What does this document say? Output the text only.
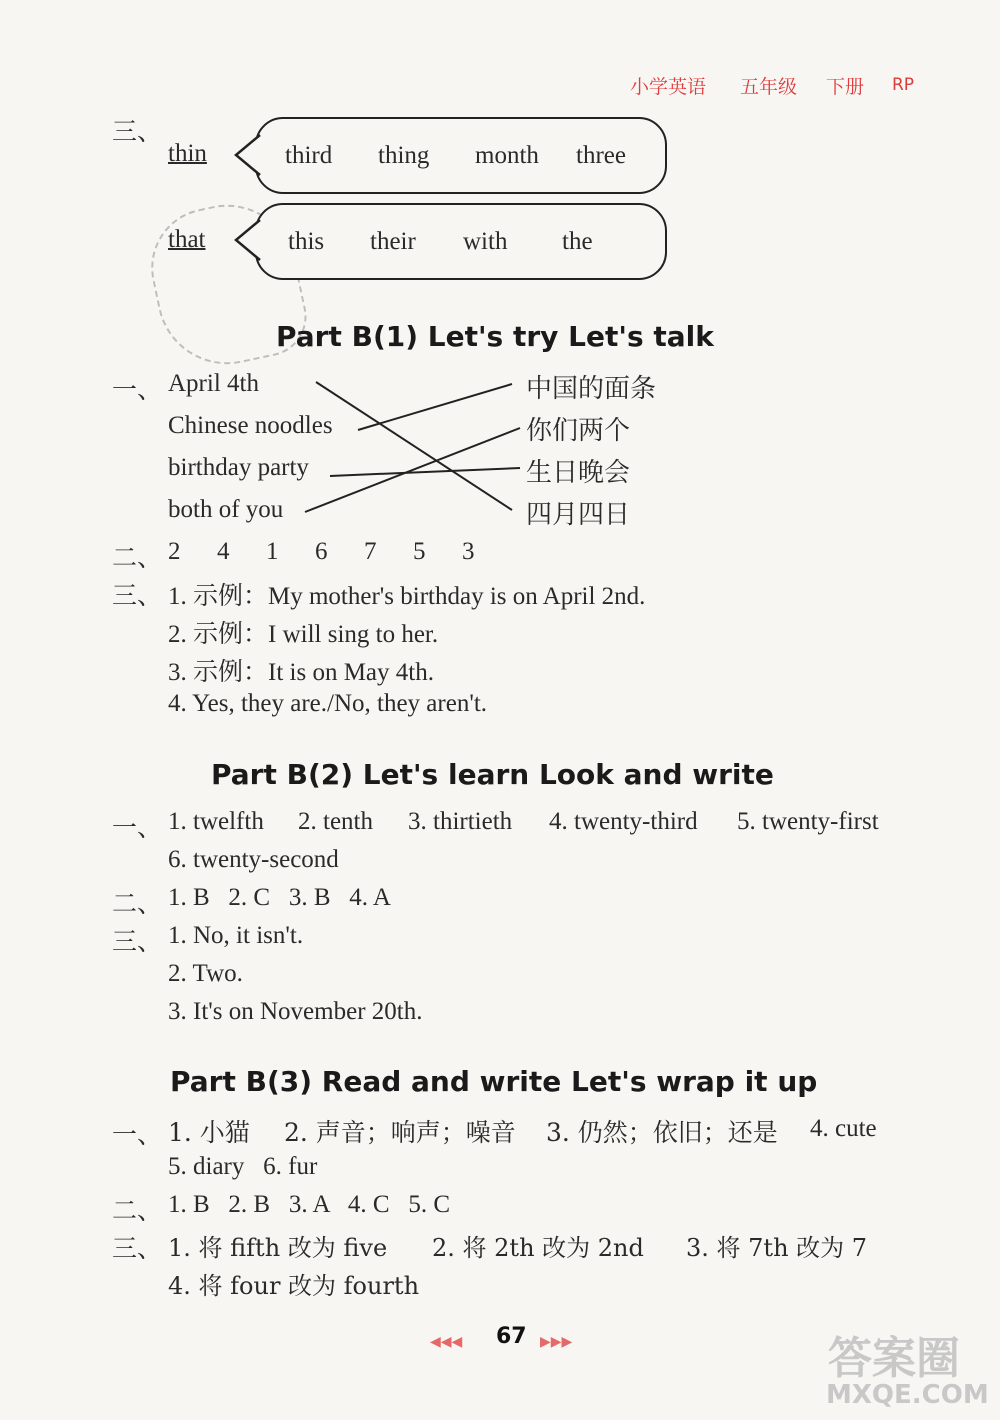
小学英语 五年级 下册 RP
三、
thin	third thing month three
that	this their with the
Part B(1) Let's try Let's talk
一、 April 4th
Chinese noodles
birthday party
both of you
中国的面条
你们两个
生日晚会
四月四日
二、 2  4  1  6  7  5  3
三、 1. 示例：My mother's birthday is on April 2nd.
2. 示例：I will sing to her.
3. 示例：It is on May 4th.
4. Yes, they are./No, they aren't.
Part B(2) Let's learn Look and write
一、 1. twelfth 2. tenth 3. thirtieth 4. twenty-third 5. twenty-first
6. twenty-second
二、 1. B   2. C   3. B   4. A
三、 1. No, it isn't.
2. Two.
3. It's on November 20th.
Part B(3) Read and write Let's wrap it up
一、 1. 小猫 2. 声音；响声；噪音 3. 仍然；依旧；还是 4. cute
5. diary   6. fur
二、 1. B   2. B   3. A   4. C   5. C
三、 1. 将 fifth 改为 five 2. 将 2th 改为 2nd 3. 将 7th 改为 7
4. 将 four 改为 fourth
◀◀◀ 67 ▶▶▶	答案圈
MXQE.COM
